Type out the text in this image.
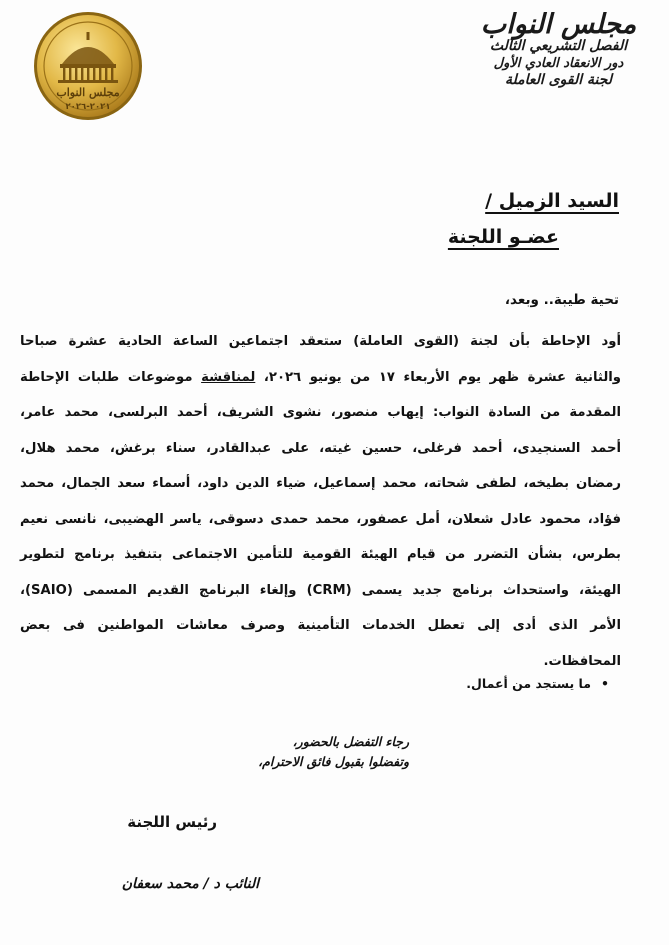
مجلس النواب
٢٠٢١-٢٠٢٦
مجلس النواب
الفصل التشريعي الثالث
دور الانعقاد العادي الأول
لجنة القوى العاملة
السيد الزميل /
عضـو اللجنة
تحية طيبة.. وبعد،
أود الإحاطة بأن لجنة (القوى العاملة) ستعقد اجتماعين الساعة الحادية عشرة صباحا والثانية عشرة ظهر يوم الأربعاء ١٧ من يونيو ٢٠٢٦، لمناقشة موضوعات طلبات الإحاطة المقدمة من السادة النواب: إيهاب منصور، نشوى الشريف، أحمد البرلسى، محمد عامر، أحمد السنجيدى، أحمد فرغلى، حسين غيته، على عبدالقادر، سناء برغش، محمد هلال، رمضان بطيخه، لطفى شحاته، محمد إسماعيل، ضياء الدين داود، أسماء سعد الجمال، محمد فؤاد، محمود عادل شعلان، أمل عصفور، محمد حمدى دسوقى، ياسر الهضيبى، نانسى نعيم بطرس، بشأن التضرر من قيام الهيئة القومية للتأمين الاجتماعى بتنفيذ برنامج لتطوير الهيئة، واستحداث برنامج جديد يسمى (CRM) وإلغاء البرنامج القديم المسمى (SAIO)، الأمر الذى أدى إلى تعطل الخدمات التأمينية وصرف معاشات المواطنين فى بعض المحافظات.
•ما يستجد من أعمال.
رجاء التفضل بالحضور،
وتفضلوا بقبول فائق الاحترام،
رئيس اللجنة
النائب د / محمد سعفان
